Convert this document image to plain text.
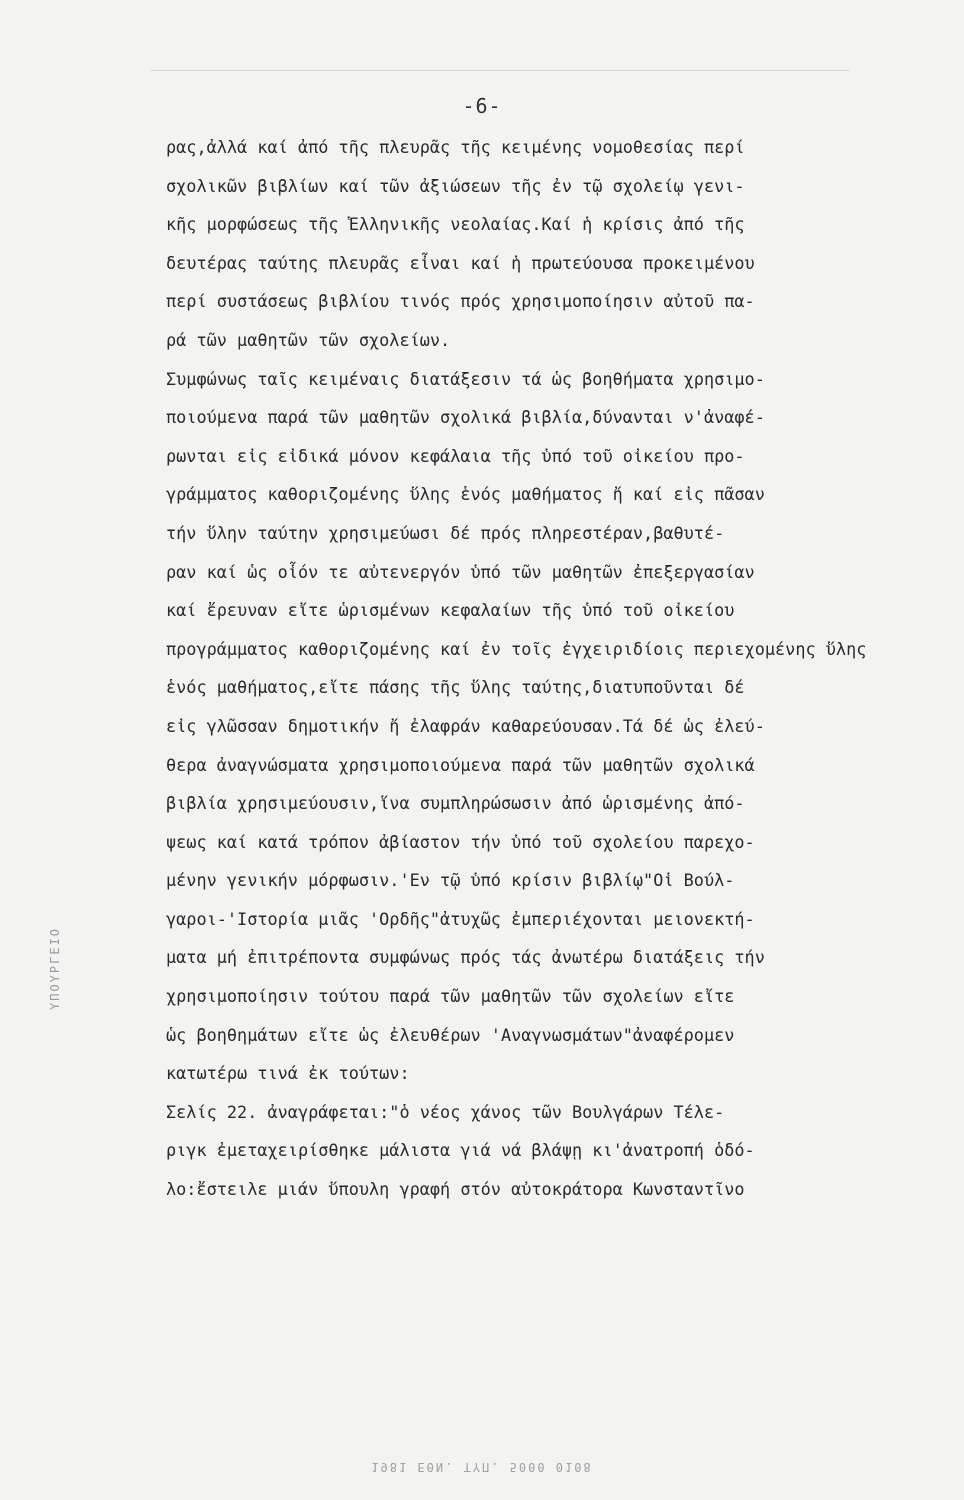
-6-
ρας,ἀλλά καί ἀπό τῆς πλευρᾶς τῆς κειμένης νομοθεσίας περί
σχολικῶν βιβλίων καί τῶν ἀξιώσεων τῆς ἐν τῷ σχολείῳ γενι-
κῆς μορφώσεως τῆς Ἑλληνικῆς νεολαίας.Καί ἡ κρίσις ἀπό τῆς
δευτέρας ταύτης πλευρᾶς εἶναι καί ἡ πρωτεύουσα προκειμένου
περί συστάσεως βιβλίου τινός πρός χρησιμοποίησιν αὐτοῦ πα-
ρά τῶν μαθητῶν τῶν σχολείων.
Συμφώνως ταῖς κειμέναις διατάξεσιν τά ὡς βοηθήματα χρησιμο-
ποιούμενα παρά τῶν μαθητῶν σχολικά βιβλία,δύνανται ν'ἀναφέ-
ρωνται εἰς εἰδικά μόνον κεφάλαια τῆς ὑπό τοῦ οἰκείου προ-
γράμματος καθοριζομένης ὕλης ἑνός μαθήματος ἤ καί εἰς πᾶσαν
τήν ὕλην ταύτην χρησιμεύωσι δέ πρός πληρεστέραν,βαθυτέ-
ραν καί ὡς οἷόν τε αὐτενεργόν ὑπό τῶν μαθητῶν ἐπεξεργασίαν
καί ἔρευναν εἴτε ὡρισμένων κεφαλαίων τῆς ὑπό τοῦ οἰκείου
προγράμματος καθοριζομένης καί ἐν τοῖς ἐγχειριδίοις περιεχομένης ὕλης
ἑνός μαθήματος,εἴτε πάσης τῆς ὕλης ταύτης,διατυποῦνται δέ
εἰς γλῶσσαν δημοτικήν ἤ ἐλαφράν καθαρεύουσαν.Τά δέ ὡς ἐλεύ-
θερα ἀναγνώσματα χρησιμοποιούμενα παρά τῶν μαθητῶν σχολικά
βιβλία χρησιμεύουσιν,ἵνα συμπληρώσωσιν ἀπό ὡρισμένης ἀπό-
ψεως καί κατά τρόπον ἀβίαστον τήν ὑπό τοῦ σχολείου παρεχο-
μένην γενικήν μόρφωσιν.'Εν τῷ ὑπό κρίσιν βιβλίῳ"Οἱ Βούλ-
γαροι-'Ιστορία μιᾶς 'Ορδῆς"ἀτυχῶς ἐμπεριέχονται μειονεκτή-
ματα μή ἐπιτρέποντα συμφώνως πρός τάς ἀνωτέρω διατάξεις τήν
χρησιμοποίησιν τούτου παρά τῶν μαθητῶν τῶν σχολείων εἴτε
ὡς βοηθημάτων εἴτε ὡς ἐλευθέρων 'Αναγνωσμάτων"ἀναφέρομεν
κατωτέρω τινά ἐκ τούτων:
Σελίς 22. ἀναγράφεται:"ὁ νέος χάνος τῶν Βουλγάρων Τέλε-
ριγκ ἐμεταχειρίσθηκε μάλιστα γιά νά βλάψῃ κι'ἀνατροπή ὁδό-
λο:ἔστειλε μιάν ὕπουλη γραφή στόν αὐτοκράτορα Κωνσταντῖνο
ΥΠΟΥΡΓΕΙΟ
1981 ΕΘΝ. ΤΥΠ. 5000 0108
